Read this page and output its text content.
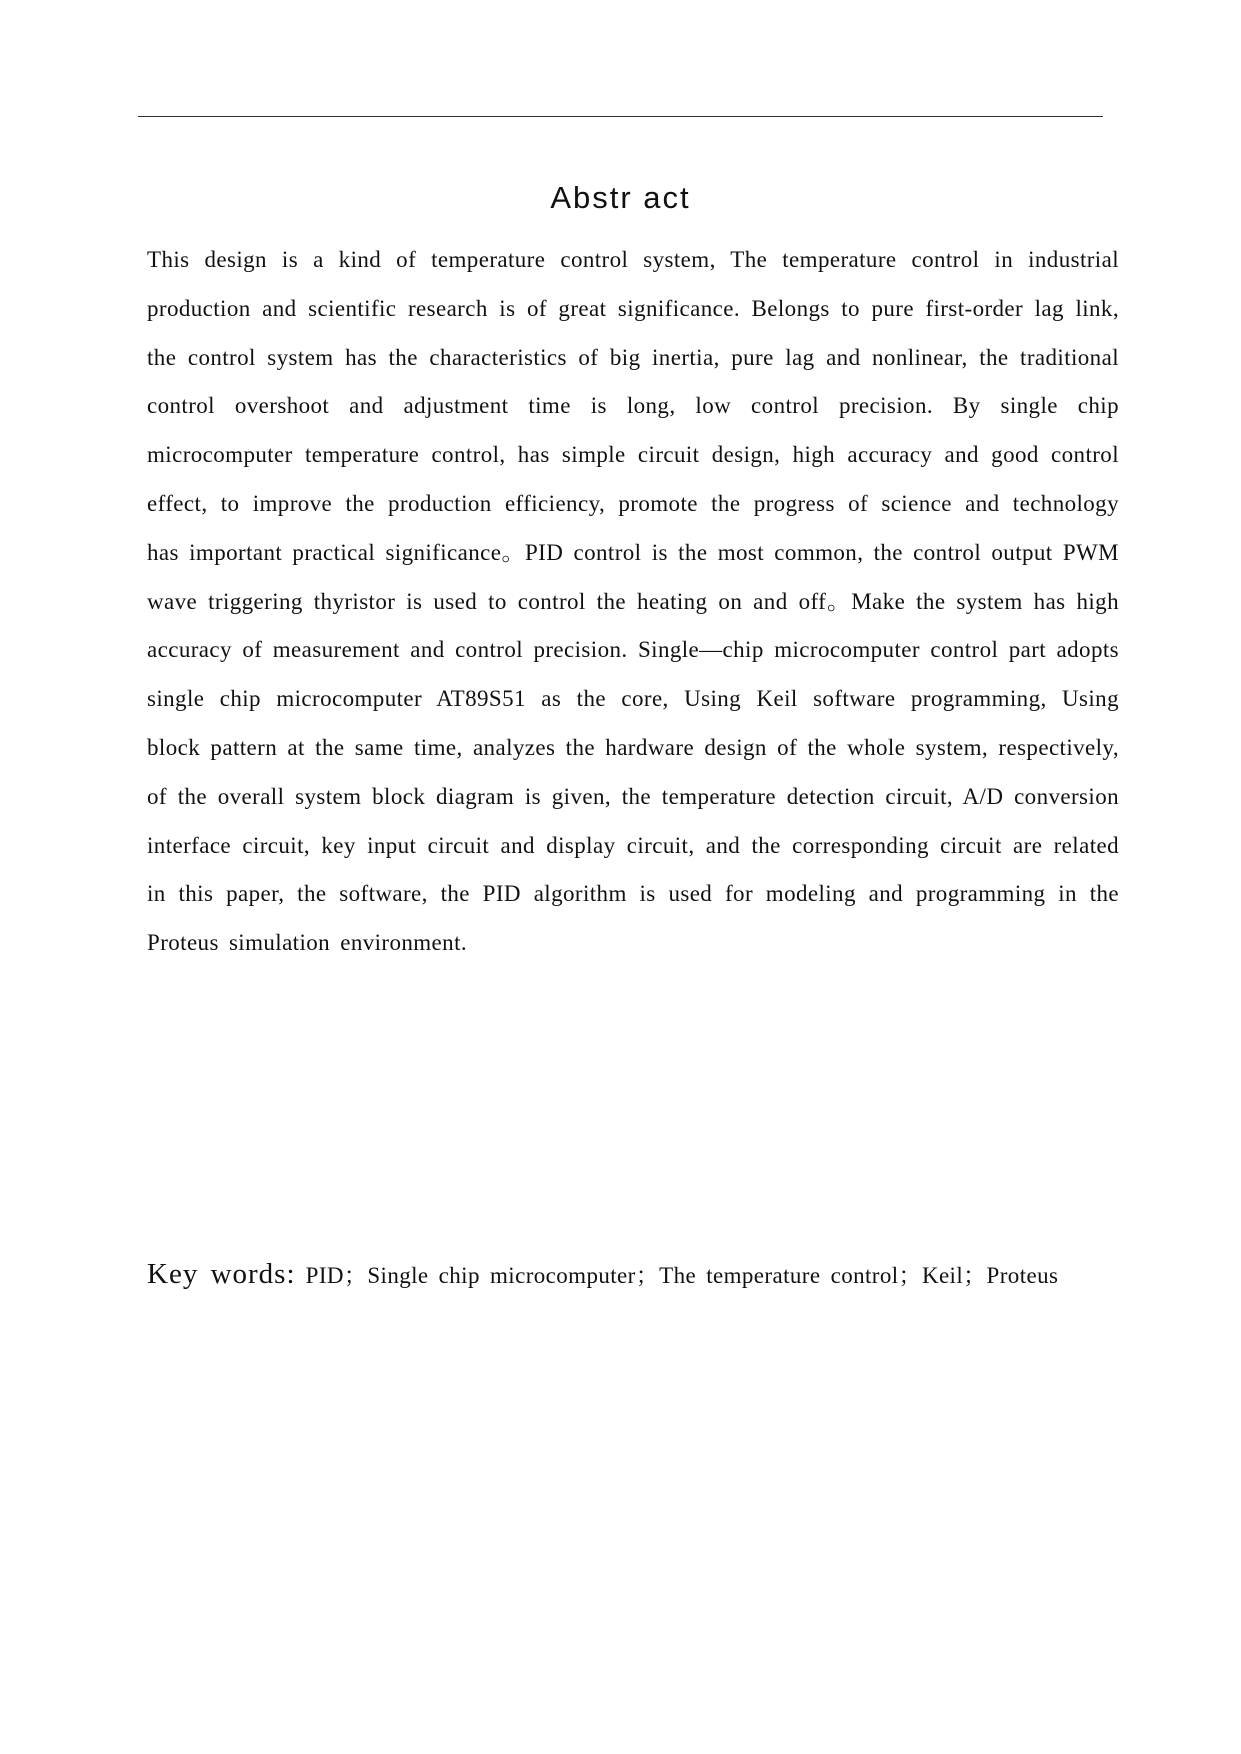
Abstr act

This design is a kind of temperature control system, The temperature control in industrial production and scientific research is of great significance. Belongs to pure first-order lag link, the control system has the characteristics of big inertia, pure lag and nonlinear, the traditional control overshoot and adjustment time is long, low control precision. By single chip microcomputer temperature control, has simple circuit design, high accuracy and good control effect, to improve the production efficiency, promote the progress of science and technology has important practical significance。PID control is the most common, the control output PWM wave triggering thyristor is used to control the heating on and off。Make the system has high accuracy of measurement and control precision. Single—chip microcomputer control part adopts single chip microcomputer AT89S51 as the core, Using Keil software programming, Using block pattern at the same time, analyzes the hardware design of the whole system, respectively, of the overall system block diagram is given, the temperature detection circuit, A/D conversion interface circuit, key input circuit and display circuit, and the corresponding circuit are related in this paper, the software, the PID algorithm is used for modeling and programming in the Proteus simulation environment.

Key words: PID；Single chip microcomputer；The temperature control；Keil；Proteus
